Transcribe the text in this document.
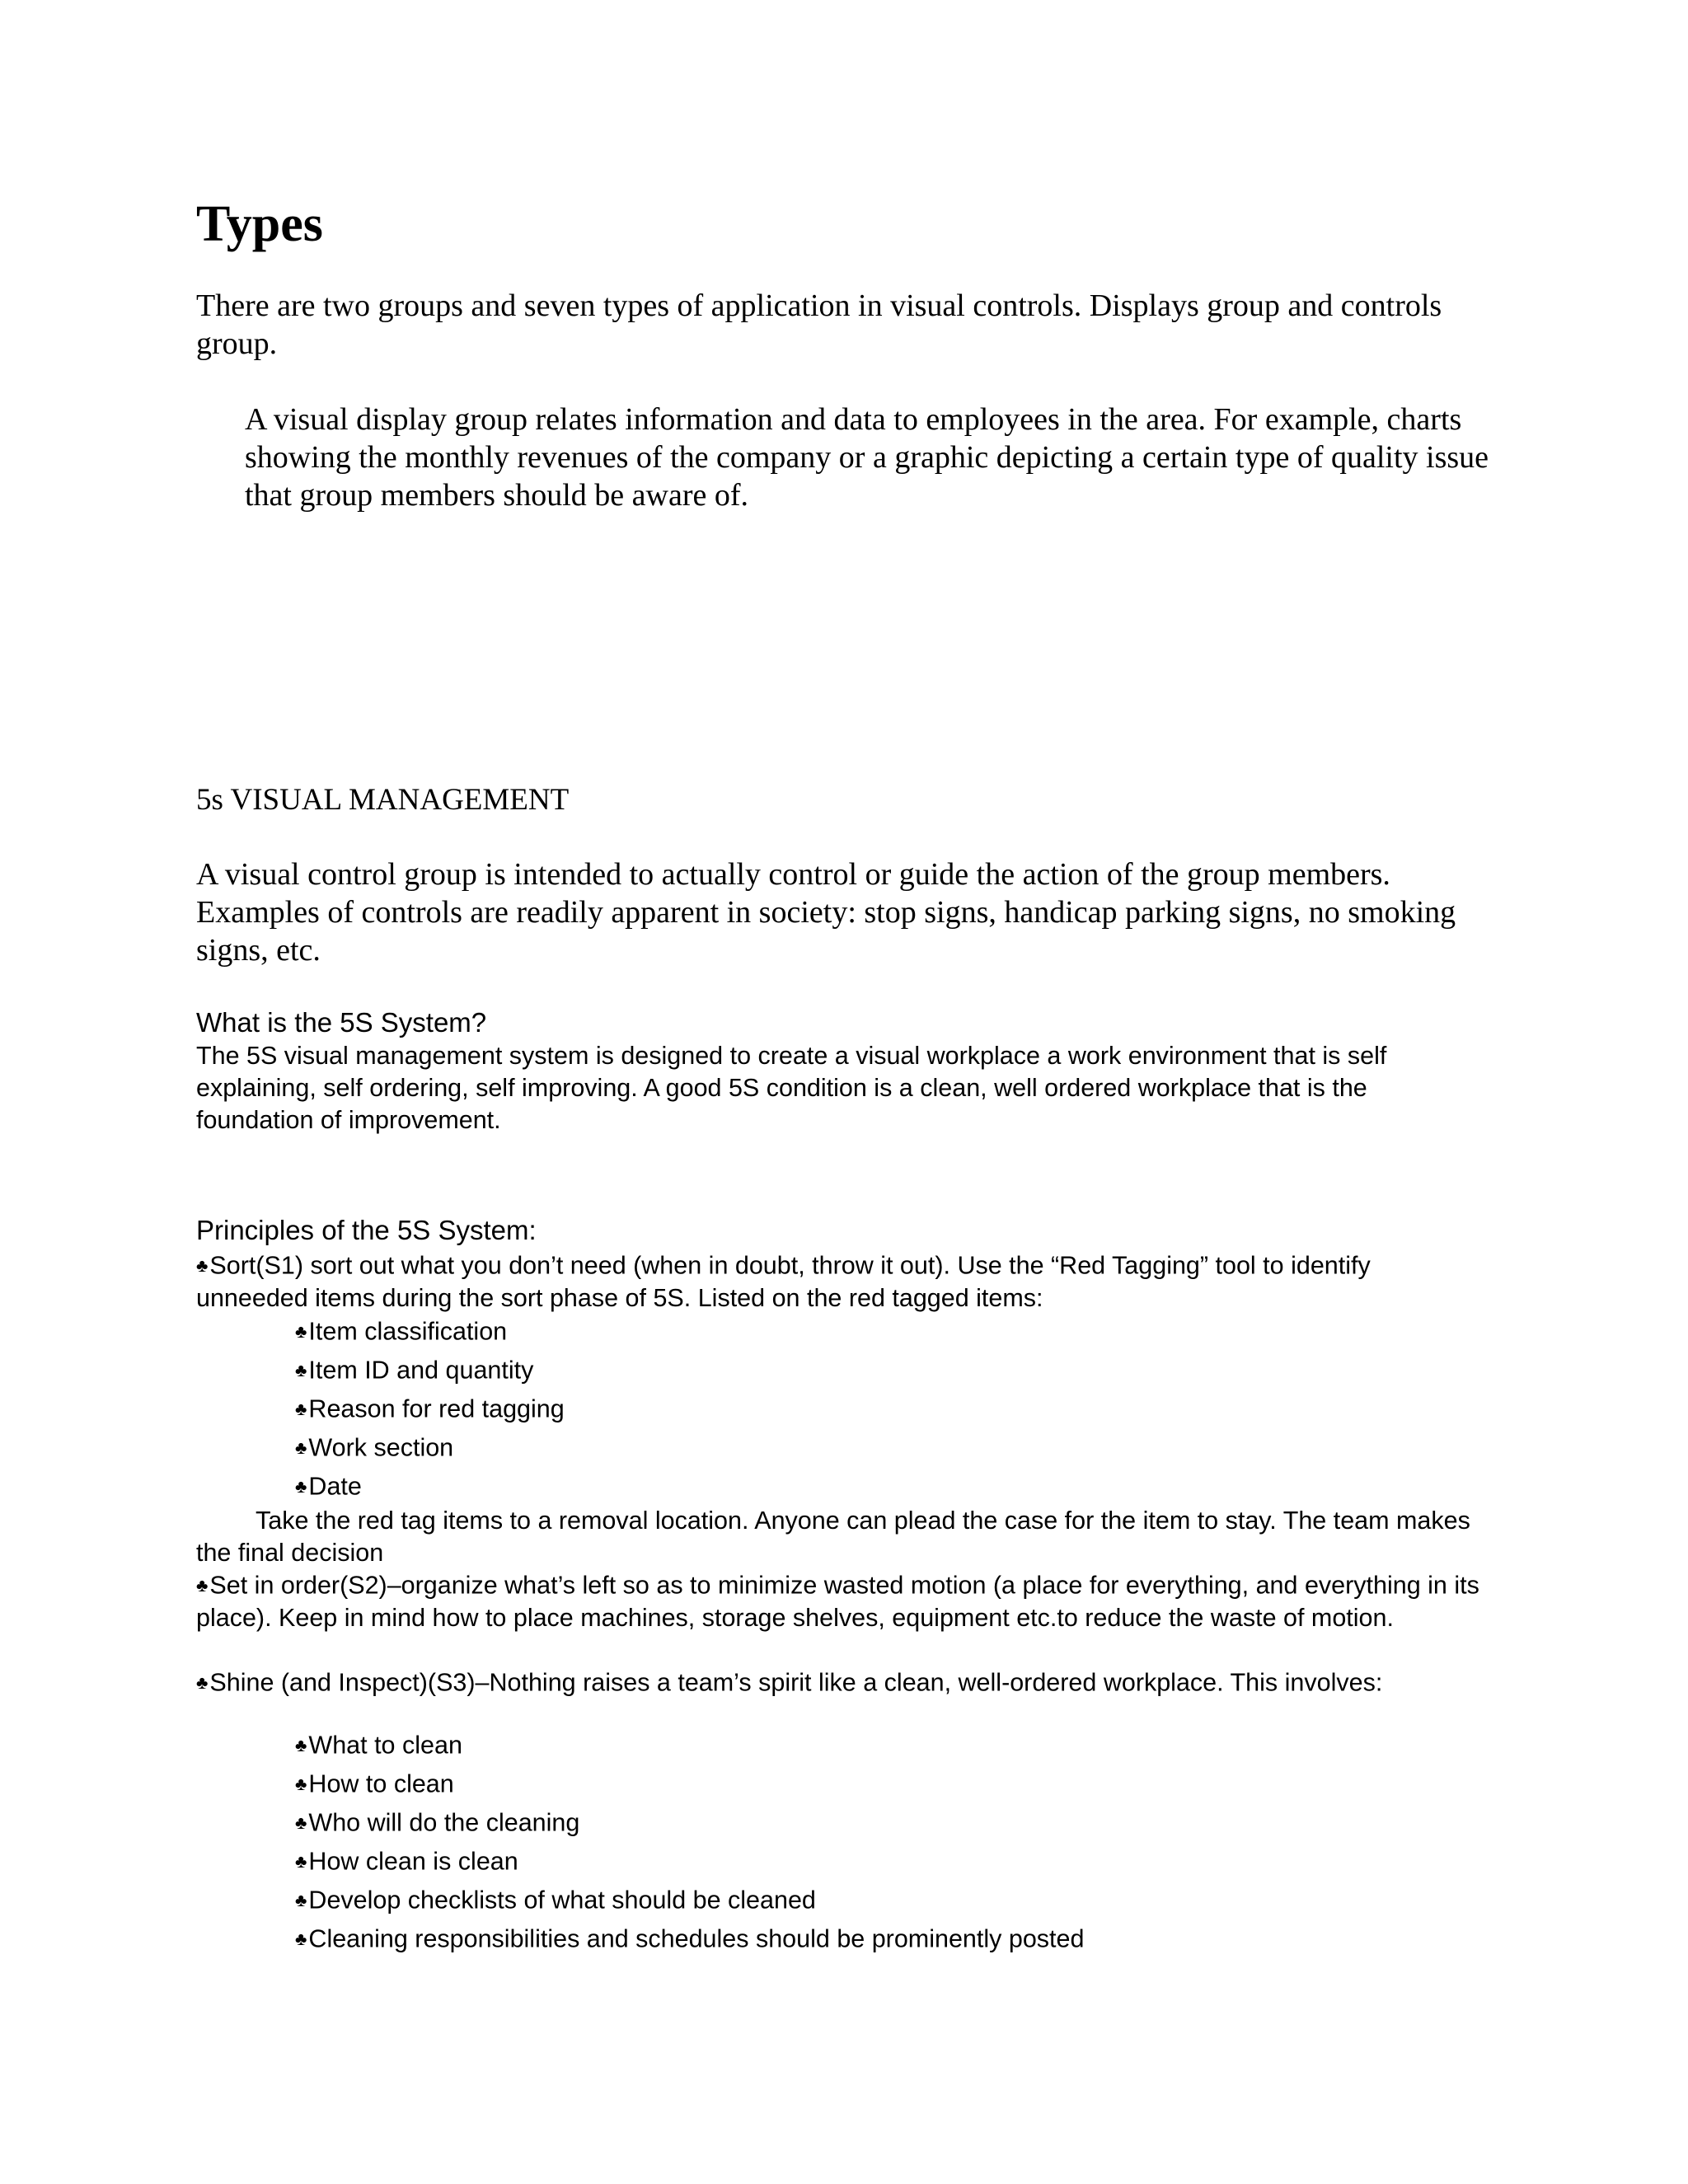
Types

There are two groups and seven types of application in visual controls. Displays group and controls group.

A visual display group relates information and data to employees in the area. For example, charts showing the monthly revenues of the company or a graphic depicting a certain type of quality issue that group members should be aware of.

5s VISUAL MANAGEMENT

A visual control group is intended to actually control or guide the action of the group members. Examples of controls are readily apparent in society: stop signs, handicap parking signs, no smoking signs, etc.

What is the 5S System?

The 5S visual management system is designed to create a visual workplace a work environment that is self explaining, self ordering, self improving. A good 5S condition is a clean, well ordered workplace that is the foundation of improvement.

Principles of the 5S System:

♣Sort(S1) sort out what you don’t need (when in doubt, throw it out). Use the “Red Tagging” tool to identify unneeded items during the sort phase of 5S. Listed on the red tagged items:

♣Item classification
♣Item ID and quantity
♣Reason for red tagging
♣Work section
♣Date

Take the red tag items to a removal location. Anyone can plead the case for the item to stay. The team makes the final decision

♣Set in order(S2)–organize what’s left so as to minimize wasted motion (a place for everything, and everything in its place). Keep in mind how to place machines, storage shelves, equipment etc.to reduce the waste of motion.

♣Shine (and Inspect)(S3)–Nothing raises a team’s spirit like a clean, well-ordered workplace. This involves:

♣What to clean
♣How to clean
♣Who will do the cleaning
♣How clean is clean
♣Develop checklists of what should be cleaned
♣Cleaning responsibilities and schedules should be prominently posted
